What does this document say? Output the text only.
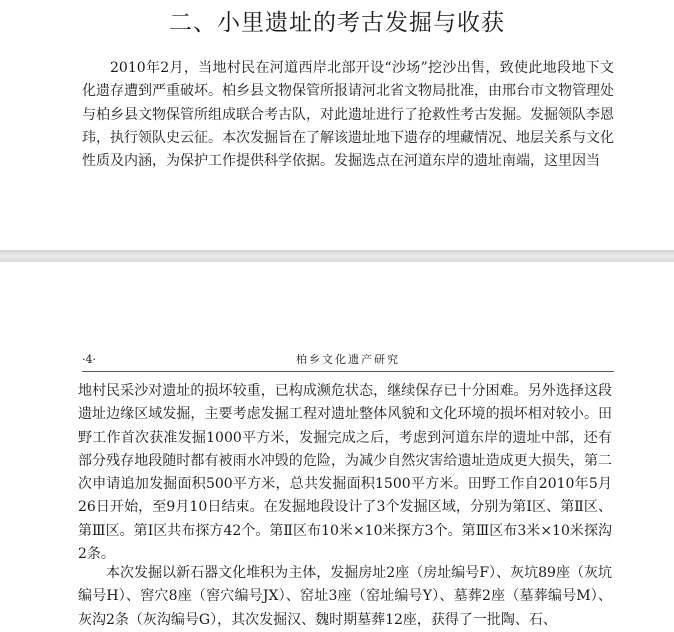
二、小里遗址的考古发掘与收获

2010年2月，当地村民在河道西岸北部开设“沙场”挖沙出售，致使此地段地下文化遗存遭到严重破坏。柏乡县文物保管所报请河北省文物局批准，由邢台市文物管理处与柏乡县文物保管所组成联合考古队，对此遗址进行了抢救性考古发掘。发掘领队李恩玮，执行领队史云征。本次发掘旨在了解该遗址地下遗存的埋藏情况、地层关系与文化性质及内涵，为保护工作提供科学依据。发掘选点在河道东岸的遗址南端，这里因当

·4·	柏乡文化遗产研究

地村民采沙对遗址的损坏较重，已构成濒危状态，继续保存已十分困难。另外选择这段遗址边缘区域发掘，主要考虑发掘工程对遗址整体风貌和文化环境的损坏相对较小。田野工作首次获准发掘1000平方米，发掘完成之后，考虑到河道东岸的遗址中部，还有部分残存地段随时都有被雨水冲毁的危险，为减少自然灾害给遗址造成更大损失，第二次申请追加发掘面积500平方米，总共发掘面积1500平方米。田野工作自2010年5月26日开始，至9月10日结束。在发掘地段设计了3个发掘区域，分别为第Ⅰ区、第Ⅱ区、第Ⅲ区。第Ⅰ区共布探方42个。第Ⅱ区布10米×10米探方3个。第Ⅲ区布3米×10米探沟2条。

本次发掘以新石器文化堆积为主体，发掘房址2座（房址编号F）、灰坑89座（灰坑编号H）、窖穴8座（窖穴编号JX）、窑址3座（窑址编号Y）、墓葬2座（墓葬编号M）、灰沟2条（灰沟编号G），其次发掘汉、魏时期墓葬12座，获得了一批陶、石、
